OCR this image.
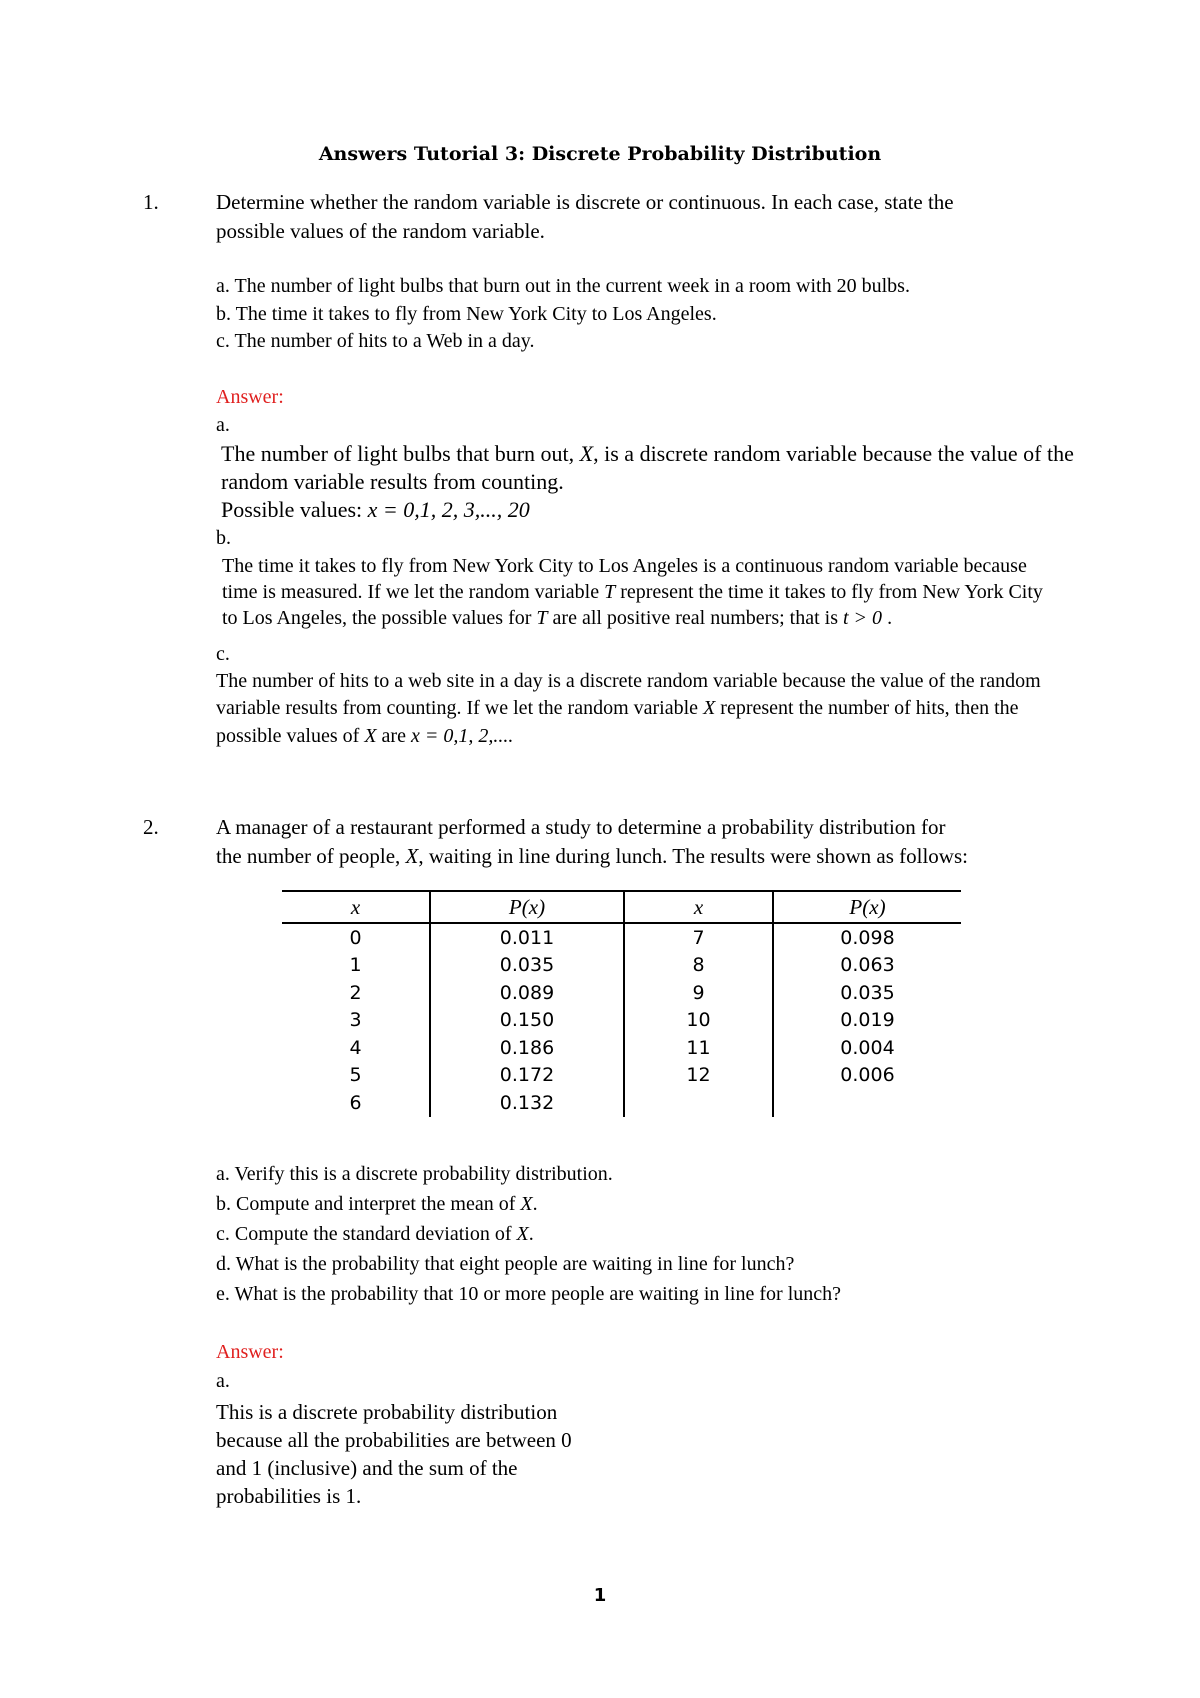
Answers Tutorial 3: Discrete Probability Distribution
1.	Determine whether the random variable is discrete or continuous. In each case, state the
possible values of the random variable.
a. The number of light bulbs that burn out in the current week in a room with 20 bulbs.
b. The time it takes to fly from New York City to Los Angeles.
c. The number of hits to a Web in a day.
Answer:
a.
The number of light bulbs that burn out, X, is a discrete random variable because the value of the
random variable results from counting.
Possible values: x = 0,1, 2, 3,..., 20
b.
The time it takes to fly from New York City to Los Angeles is a continuous random variable because
time is measured. If we let the random variable T represent the time it takes to fly from New York City
to Los Angeles, the possible values for T are all positive real numbers; that is t > 0 .
c.
The number of hits to a web site in a day is a discrete random variable because the value of the random
variable results from counting. If we let the random variable X represent the number of hits, then the
possible values of X are x = 0,1, 2,....
2.	A manager of a restaurant performed a study to determine a probability distribution for
the number of people, X, waiting in line during lunch. The results were shown as follows:
x	P(x)	x	P(x)
0	0.011	7	0.098
1	0.035	8	0.063
2	0.089	9	0.035
3	0.150	10	0.019
4	0.186	11	0.004
5	0.172	12	0.006
6	0.132		
a. Verify this is a discrete probability distribution.
b. Compute and interpret the mean of X.
c. Compute the standard deviation of X.
d. What is the probability that eight people are waiting in line for lunch?
e. What is the probability that 10 or more people are waiting in line for lunch?
Answer:
a.
This is a discrete probability distribution
because all the probabilities are between 0
and 1 (inclusive) and the sum of the
probabilities is 1.
1
